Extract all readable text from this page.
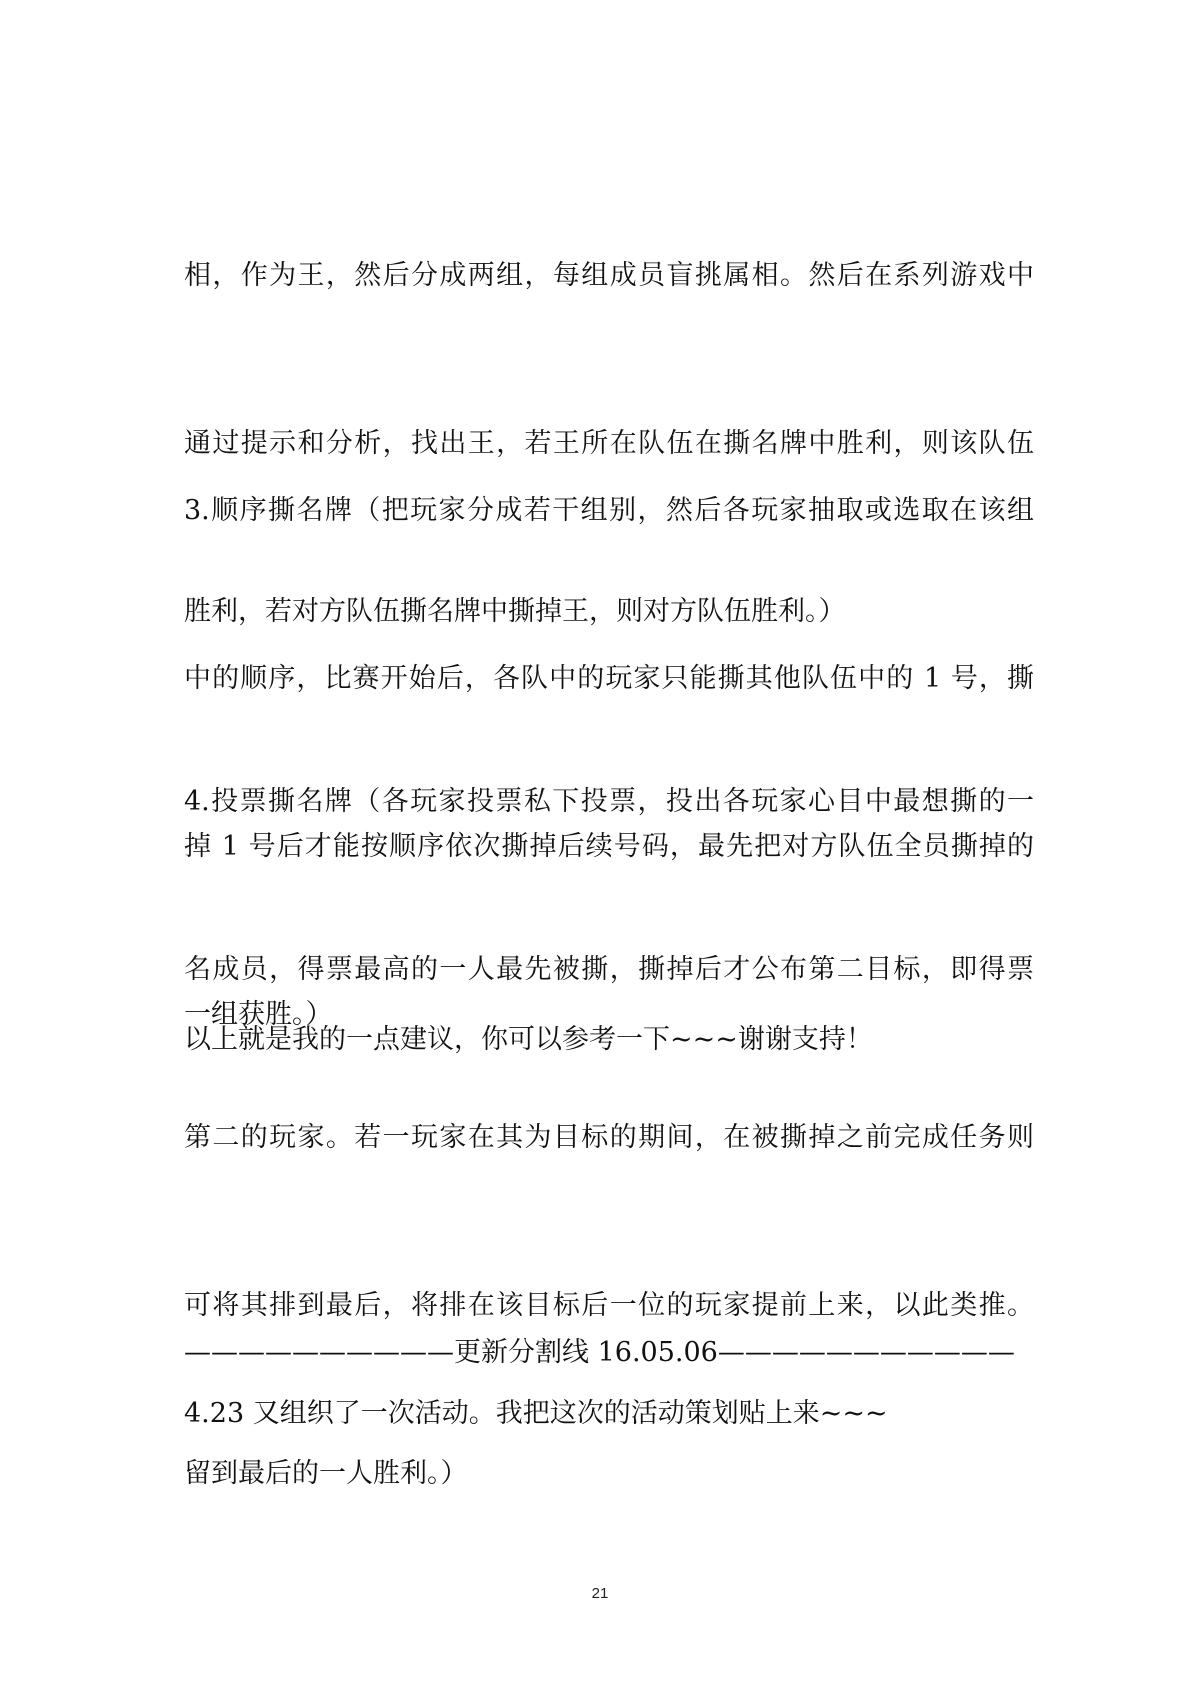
相，作为王，然后分成两组，每组成员盲挑属相。然后在系列游戏中

通过提示和分析，找出王，若王所在队伍在撕名牌中胜利，则该队伍

胜利，若对方队伍撕名牌中撕掉王，则对方队伍胜利。）

3.顺序撕名牌（把玩家分成若干组别，然后各玩家抽取或选取在该组

中的顺序，比赛开始后，各队中的玩家只能撕其他队伍中的 1 号，撕

掉 1 号后才能按顺序依次撕掉后续号码，最先把对方队伍全员撕掉的

一组获胜。）

4.投票撕名牌（各玩家投票私下投票，投出各玩家心目中最想撕的一

名成员，得票最高的一人最先被撕，撕掉后才公布第二目标，即得票

第二的玩家。若一玩家在其为目标的期间，在被撕掉之前完成任务则

可将其排到最后，将排在该目标后一位的玩家提前上来，以此类推。

留到最后的一人胜利。）

以上就是我的一点建议，你可以参考一下~~~谢谢支持！
——————————更新分割线 16.05.06———————————
4.23 又组织了一次活动。我把这次的活动策划贴上来~~~
21
